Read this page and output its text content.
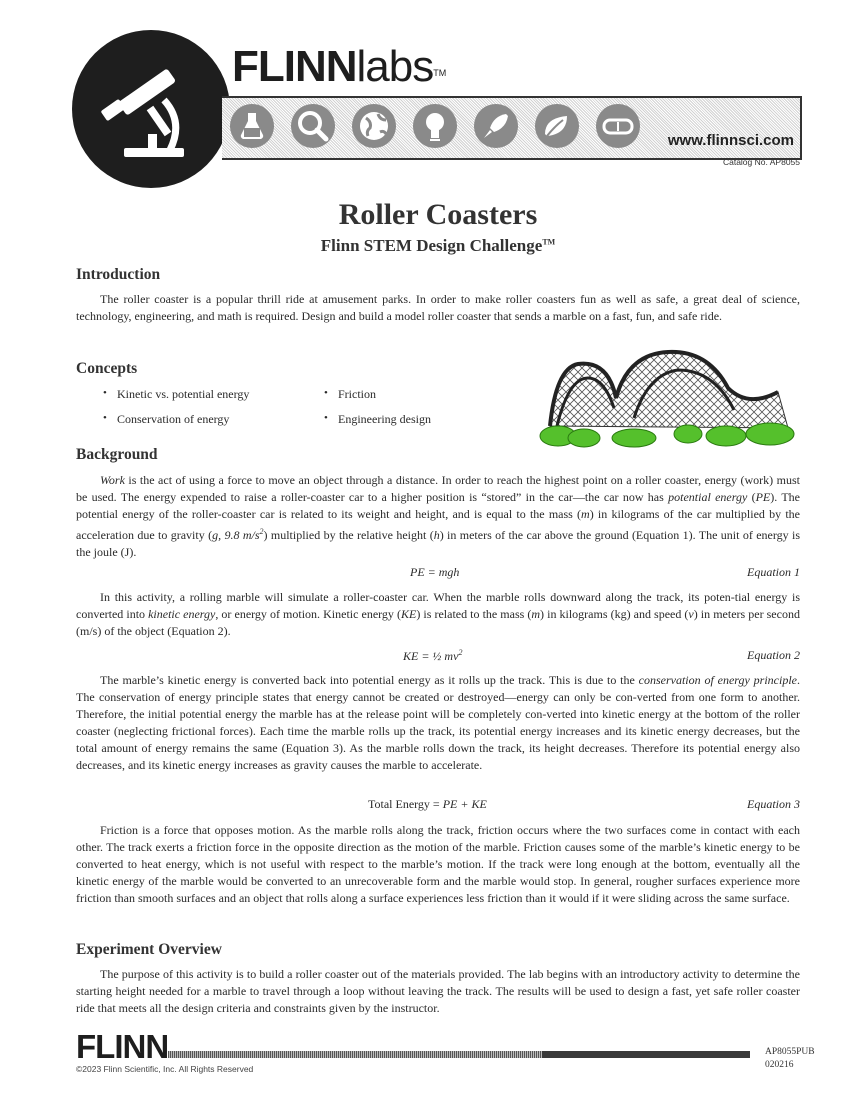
FLINNlabs™
www.flinnsci.com
Catalog No. AP8055
Roller Coasters
Flinn STEM Design Challenge™
Introduction

The roller coaster is a popular thrill ride at amusement parks. In order to make roller coasters fun as well as safe, a great deal of science, technology, engineering, and math is required. Design and build a model roller coaster that sends a marble on a fast, fun, and safe ride.

Concepts
• Kinetic vs. potential energy	• Friction
• Conservation of energy	• Engineering design
Background

Work is the act of using a force to move an object through a distance. In order to reach the highest point on a roller coaster, energy (work) must be used. The energy expended to raise a roller-coaster car to a higher position is “stored” in the car—the car now has potential energy (PE). The potential energy of the roller-coaster car is related to its weight and height, and is equal to the mass (m) in kilograms of the car multiplied by the acceleration due to gravity (g, 9.8 $m/s^2$) multiplied by the relative height (h) in meters of the car above the ground (Equation 1). The unit of energy is the joule (J).

PE = mgh	Equation 1

In this activity, a rolling marble will simulate a roller-coaster car. When the marble rolls downward along the track, its poten-tial energy is converted into kinetic energy, or energy of motion. Kinetic energy (KE) is related to the mass (m) in kilograms (kg) and speed (v) in meters per second (m/s) of the object (Equation 2).

KE = ½ $mv^2$	Equation 2

The marble’s kinetic energy is converted back into potential energy as it rolls up the track. This is due to the conservation of energy principle. The conservation of energy principle states that energy cannot be created or destroyed—energy can only be con-verted from one form to another. Therefore, the initial potential energy the marble has at the release point will be completely con-verted into kinetic energy at the bottom of the roller coaster (neglecting frictional forces). Each time the marble rolls up the track, its potential energy increases and its kinetic energy decreases, but the total amount of energy remains the same (Equation 3). As the marble rolls down the track, its height decreases. Therefore its potential energy also decreases, and its kinetic energy increases as gravity causes the marble to accelerate.

Total Energy = PE + KE	Equation 3

Friction is a force that opposes motion. As the marble rolls along the track, friction occurs where the two surfaces come in contact with each other. The track exerts a friction force in the opposite direction as the motion of the marble. Friction causes some of the marble’s kinetic energy to be converted to heat energy, which is not useful with respect to the marble’s motion. If the track were long enough at the bottom, eventually all the kinetic energy of the marble would be converted to an unrecoverable form and the marble would stop. In general, rougher surfaces experience more friction than smooth surfaces and an object that rolls along a surface experiences less friction than it would if it were sliding across the same surface.

Experiment Overview

The purpose of this activity is to build a roller coaster out of the materials provided. The lab begins with an introductory activity to determine the starting height needed for a marble to travel through a loop without leaving the track. The results will be used to design a fast, yet safe roller coaster ride that meets all the design criteria and constraints given by the instructor.

FLINN
©2023 Flinn Scientific, Inc. All Rights Reserved
AP8055PUB
020216
